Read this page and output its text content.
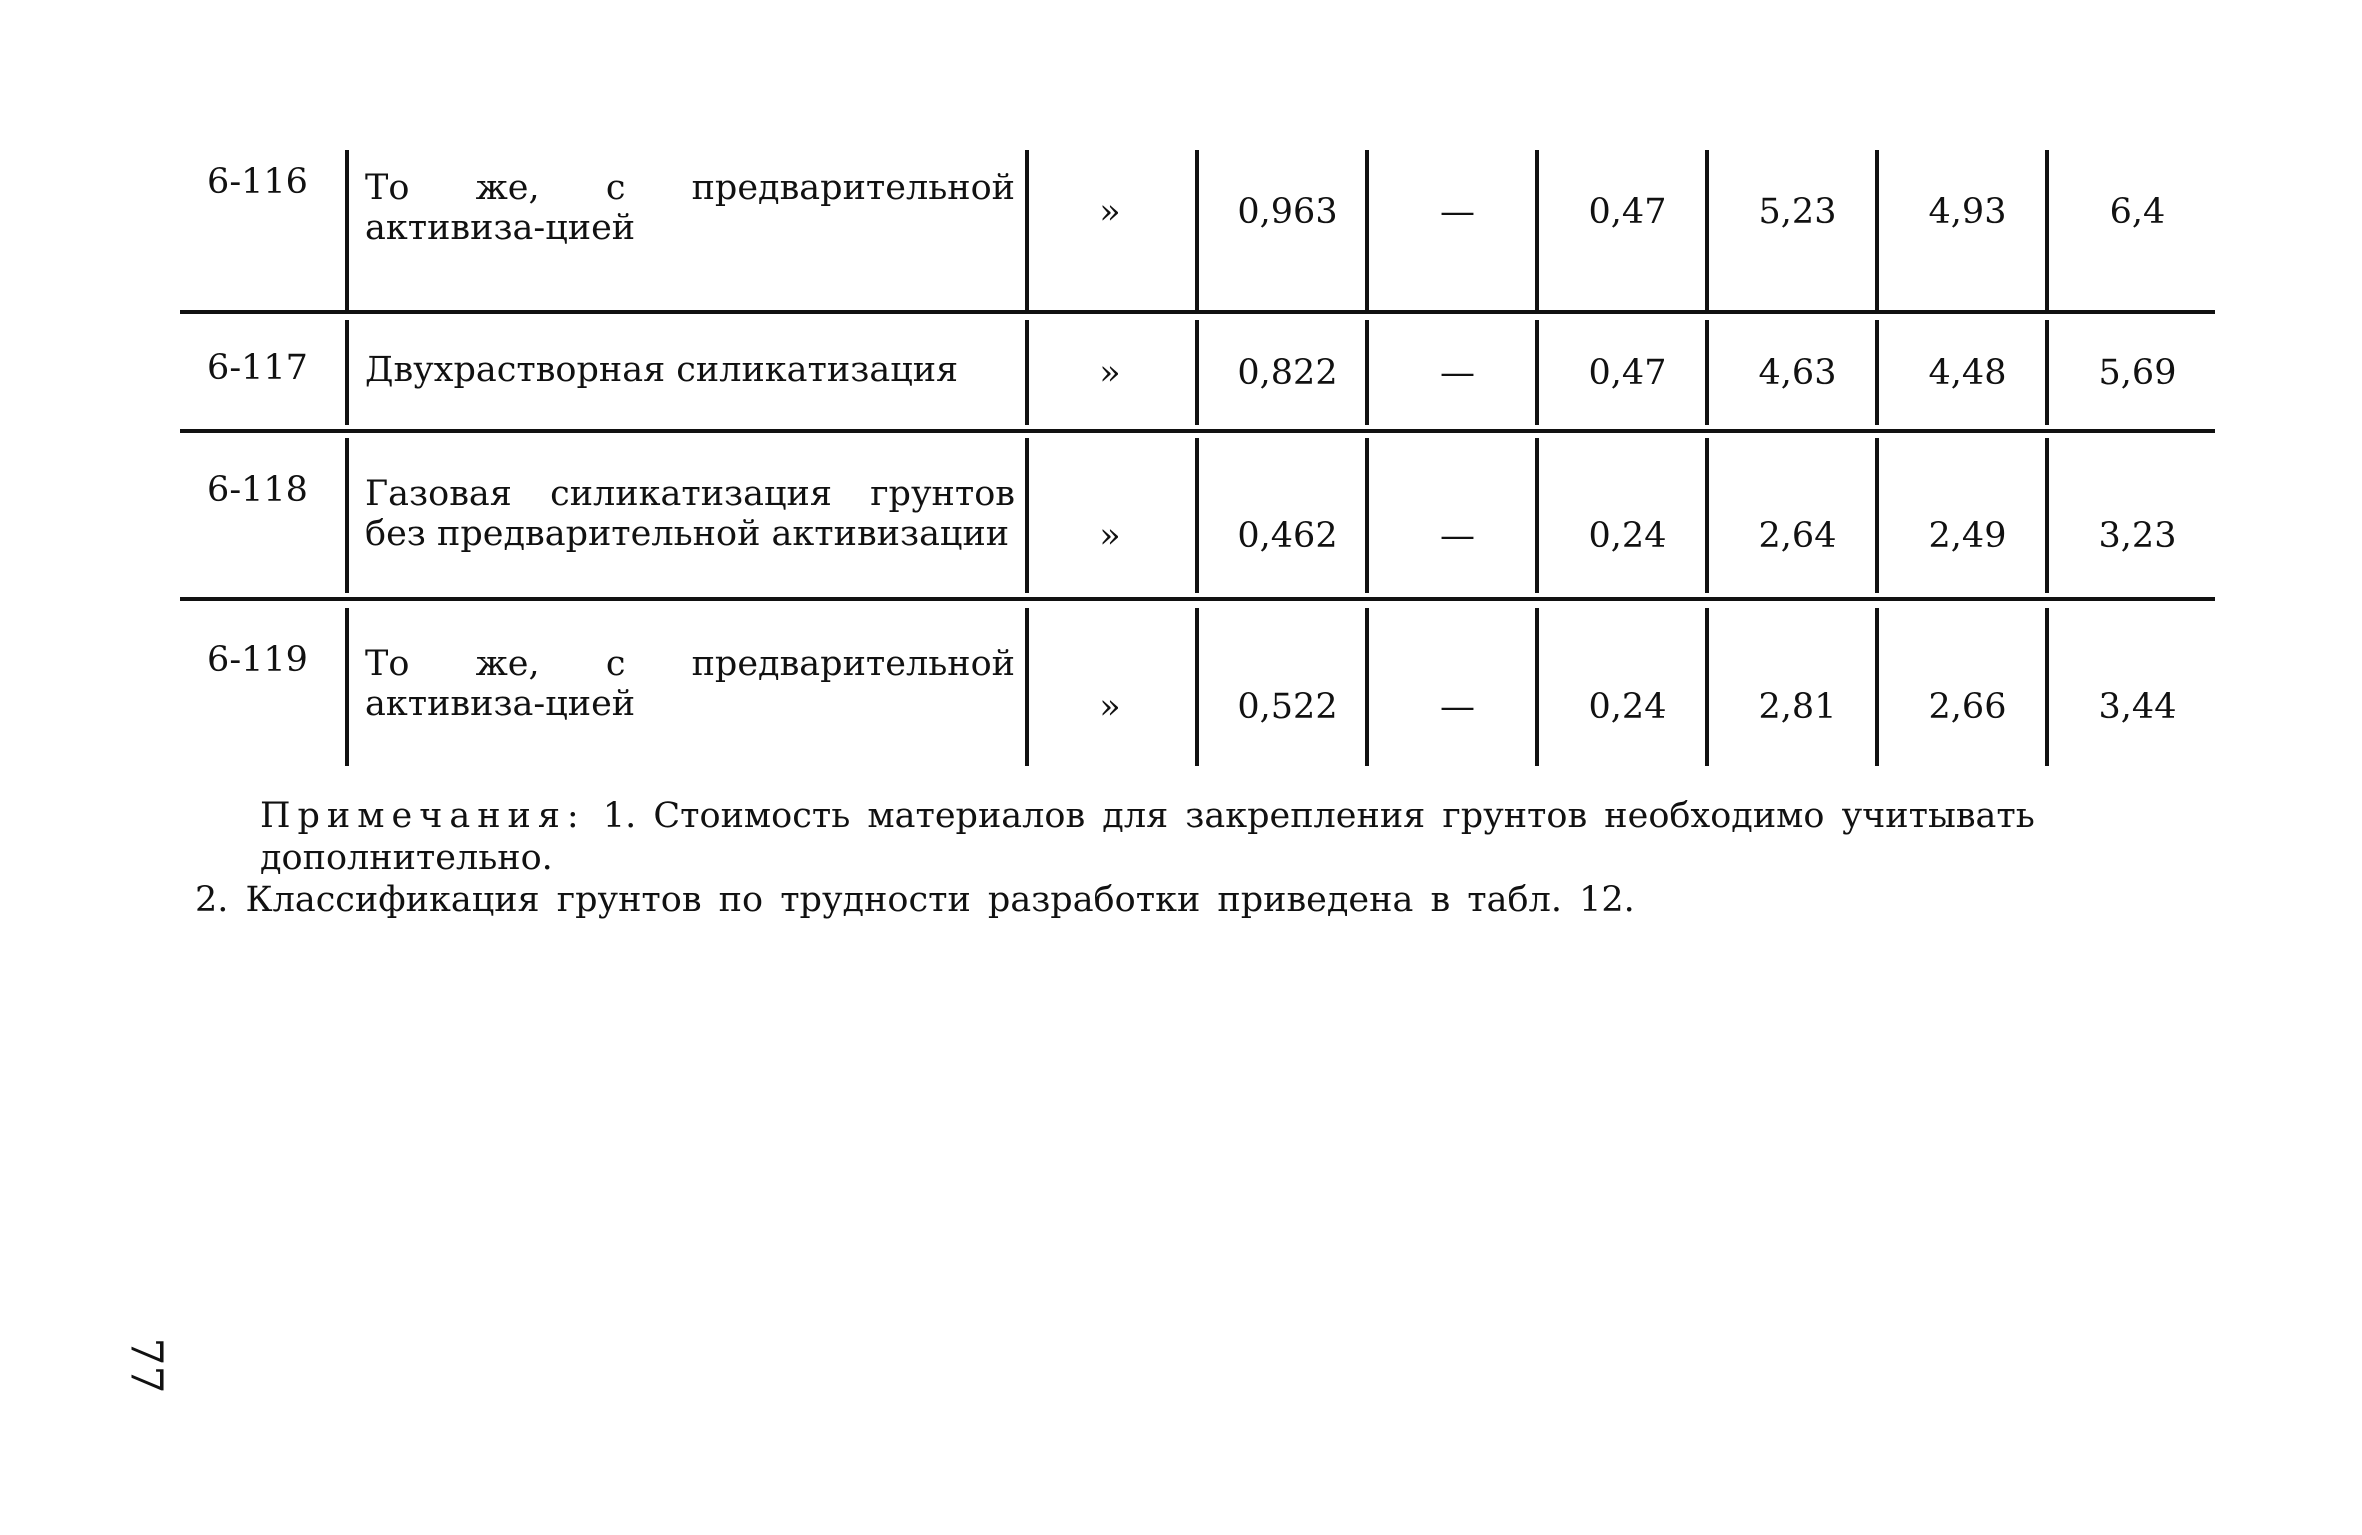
6-116	То же, с предварительной активиза-цией	»	0,963	—	0,47	5,23	4,93	6,4
6-117	Двухрастворная силикатизация	»	0,822	—	0,47	4,63	4,48	5,69
6-118	Газовая силикатизация грунтов без предварительной активизации	»	0,462	—	0,24	2,64	2,49	3,23
6-119	То же, с предварительной активиза-цией	»	0,522	—	0,24	2,81	2,66	3,44
Примечания: 1. Стоимость материалов для закрепления грунтов необходимо учитывать дополнительно.
2. Классификация грунтов по трудности разработки приведена в табл. 12.
77
